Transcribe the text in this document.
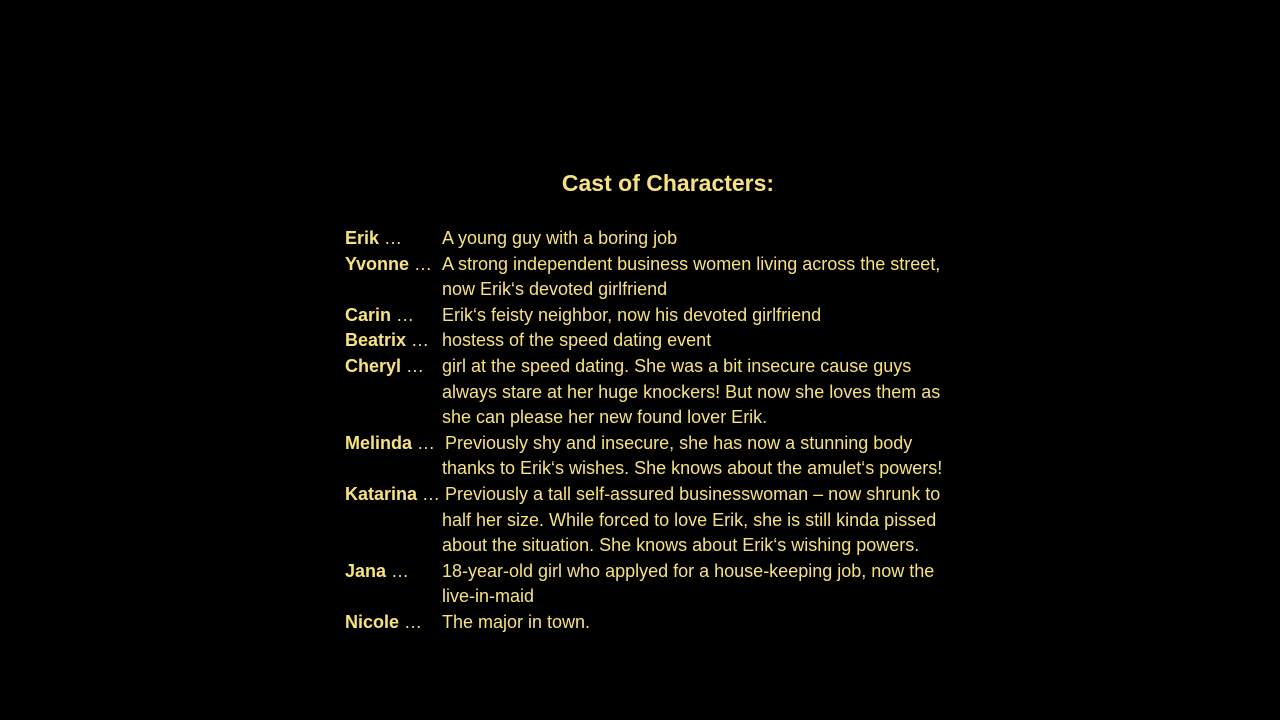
Cast of Characters:
Erik … A young guy with a boring job
Yvonne … A strong independent business women living across the street,
now Erik‘s devoted girlfriend
Carin … Erik‘s feisty neighbor, now his devoted girlfriend
Beatrix … hostess of the speed dating event
Cheryl … girl at the speed dating. She was a bit insecure cause guys
always stare at her huge knockers! But now she loves them as
she can please her new found lover Erik.
Melinda … Previously shy and insecure, she has now a stunning body
thanks to Erik‘s wishes. She knows about the amulet‘s powers!
Katarina … Previously a tall self-assured businesswoman – now shrunk to
half her size. While forced to love Erik, she is still kinda pissed
about the situation. She knows about Erik‘s wishing powers.
Jana … 18-year-old girl who applyed for a house-keeping job, now the
live-in-maid
Nicole … The major in town.
